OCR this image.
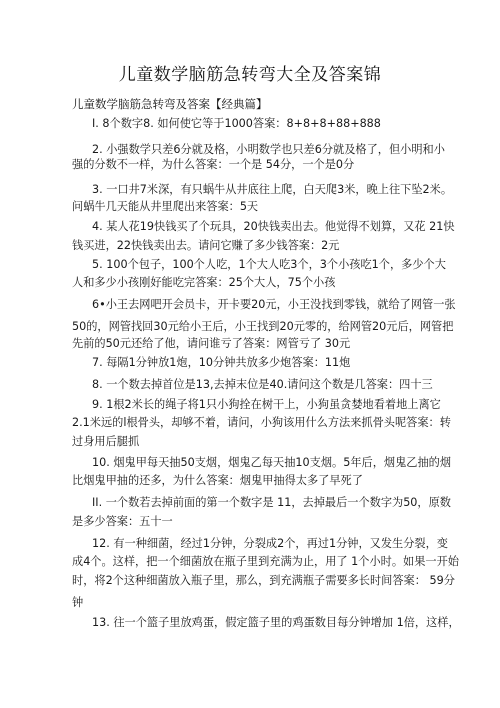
儿童数学脑筋急转弯大全及答案锦
儿童数学脑筋急转弯及答案【经典篇】
I. 8个数字8. 如何使它等于1000答案：8+8+8+88+888
2. 小强数学只差6分就及格，小明数学也只差6分就及格了，但小明和小
强的分数不一样，为什么答案：一个是 54分，一个是0分
3. 一口井7米深，有只蜗牛从井底往上爬，白天爬3米，晚上往下坠2米。
问蜗牛几天能从井里爬出来答案：5天
4. 某人花19快钱买了个玩具，20快钱卖出去。他觉得不划算，又花 21快
钱买进，22快钱卖出去。请问它赚了多少钱答案：2元
5. 100个包子，100个人吃，1个大人吃3个，3个小孩吃1个，多少个大
人和多少小孩刚好能吃完答案：25个大人，75个小孩
6•小王去网吧开会员卡，开卡要20元，小王没找到零钱，就给了网管一张
50的，网管找回30元给小王后，小王找到20元零的，给网管20元后，网管把
先前的50元还给了他，请问谁亏了答案：网管亏了 30元
7. 每隔1分钟放1炮，10分钟共放多少炮答案：11炮
8. 一个数去掉首位是13,去掉末位是40.请问这个数是几答案：四十三
9. 1根2米长的绳子将1只小狗拴在树干上，小狗虽贪婪地看着地上离它
2.1米远的l根骨头，却够不着，请问，小狗该用什么方法来抓骨头呢答案：转
过身用后腿抓
10. 烟鬼甲每天抽50支烟，烟鬼乙每天抽10支烟。5年后，烟鬼乙抽的烟
比烟鬼甲抽的还多，为什么答案：烟鬼甲抽得太多了早死了
II. 一个数若去掉前面的第一个数字是 11，去掉最后一个数字为50，原数
是多少答案：五十一
12. 有一种细菌，经过1分钟，分裂成2个，再过1分钟，又发生分裂，变
成4个。这样，把一个细菌放在瓶子里到充满为止，用了 1个小时。如果一开始
时，将2个这种细菌放入瓶子里，那么，到充满瓶子需要多长时间答案： 59分
钟
13. 往一个篮子里放鸡蛋，假定篮子里的鸡蛋数目每分钟增加 1倍，这样，
